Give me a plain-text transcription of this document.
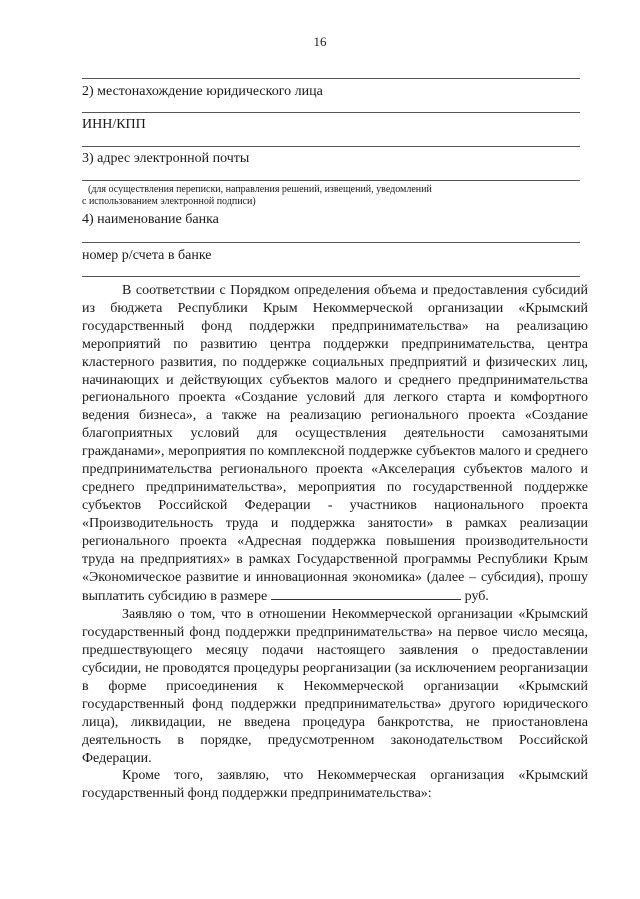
16
2) местонахождение юридического лица
ИНН/КПП
3) адрес электронной почты
(для осуществления переписки, направления решений, извещений, уведомлений
с использованием электронной подписи)
4) наименование банка
номер р/счета в банке

В соответствии с Порядком определения объема и предоставления субсидий из бюджета Республики Крым Некоммерческой организации «Крымский государственный фонд поддержки предпринимательства» на реализацию мероприятий по развитию центра поддержки предпринимательства, центра кластерного развития, по поддержке социальных предприятий и физических лиц, начинающих и действующих субъектов малого и среднего предпринимательства регионального проекта «Создание условий для легкого старта и комфортного ведения бизнеса», а также на реализацию регионального проекта «Создание благоприятных условий для осуществления деятельности самозанятыми гражданами», мероприятия по комплексной поддержке субъектов малого и среднего предпринимательства регионального проекта «Акселерация субъектов малого и среднего предпринимательства», мероприятия по государственной поддержке субъектов Российской Федерации - участников национального проекта «Производительность труда и поддержка занятости» в рамках реализации регионального проекта «Адресная поддержка повышения производительности труда на предприятиях» в рамках Государственной программы Республики Крым «Экономическое развитие и инновационная экономика» (далее – субсидия), прошу выплатить субсидию в размере	руб.

Заявляю о том, что в отношении Некоммерческой организации «Крымский государственный фонд поддержки предпринимательства» на первое число месяца, предшествующего месяцу подачи настоящего заявления о предоставлении субсидии, не проводятся процедуры реорганизации (за исключением реорганизации в форме присоединения к Некоммерческой организации «Крымский государственный фонд поддержки предпринимательства» другого юридического лица), ликвидации, не введена процедура банкротства, не приостановлена деятельность в порядке, предусмотренном законодательством Российской Федерации.

Кроме того, заявляю, что Некоммерческая организация «Крымский государственный фонд поддержки предпринимательства»:
